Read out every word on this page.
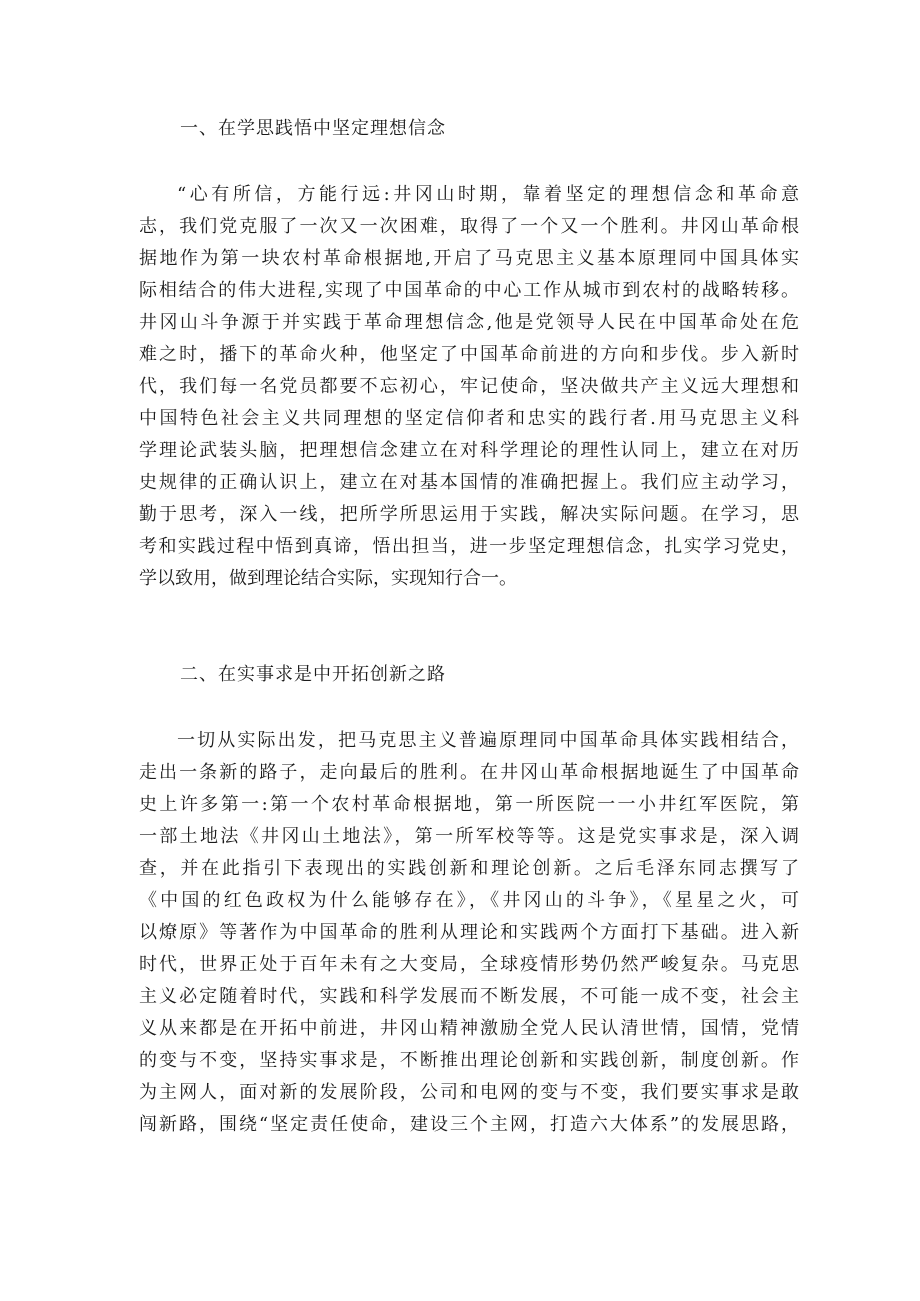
一、在学思践悟中坚定理想信念
“心有所信，方能行远:井冈山时期，靠着坚定的理想信念和革命意
志，我们党克服了一次又一次困难，取得了一个又一个胜利。井冈山革命根
据地作为第一块农村革命根据地,开启了马克思主义基本原理同中国具体实
际相结合的伟大进程,实现了中国革命的中心工作从城市到农村的战略转移。
井冈山斗争源于并实践于革命理想信念,他是党领导人民在中国革命处在危
难之时，播下的革命火种，他坚定了中国革命前进的方向和步伐。步入新时
代，我们每一名党员都要不忘初心，牢记使命，坚决做共产主义远大理想和
中国特色社会主义共同理想的坚定信仰者和忠实的践行者.用马克思主义科
学理论武装头脑，把理想信念建立在对科学理论的理性认同上，建立在对历
史规律的正确认识上，建立在对基本国情的准确把握上。我们应主动学习，
勤于思考，深入一线，把所学所思运用于实践，解决实际问题。在学习，思
考和实践过程中悟到真谛，悟出担当，进一步坚定理想信念，扎实学习党史，
学以致用，做到理论结合实际，实现知行合一。
二、在实事求是中开拓创新之路
一切从实际出发，把马克思主义普遍原理同中国革命具体实践相结合，
走出一条新的路子，走向最后的胜利。在井冈山革命根据地诞生了中国革命
史上许多第一:第一个农村革命根据地，第一所医院一一小井红军医院，第
一部土地法《井冈山土地法》，第一所军校等等。这是党实事求是，深入调
查，并在此指引下表现出的实践创新和理论创新。之后毛泽东同志撰写了
《中国的红色政权为什么能够存在》，《井冈山的斗争》，《星星之火，可
以燎原》等著作为中国革命的胜利从理论和实践两个方面打下基础。进入新
时代，世界正处于百年未有之大变局，全球疫情形势仍然严峻复杂。马克思
主义必定随着时代，实践和科学发展而不断发展，不可能一成不变，社会主
义从来都是在开拓中前进，井冈山精神激励全党人民认清世情，国情，党情
的变与不变，坚持实事求是，不断推出理论创新和实践创新，制度创新。作
为主网人，面对新的发展阶段，公司和电网的变与不变，我们要实事求是敢
闯新路，围绕“坚定责任使命，建设三个主网，打造六大体系”的发展思路，
